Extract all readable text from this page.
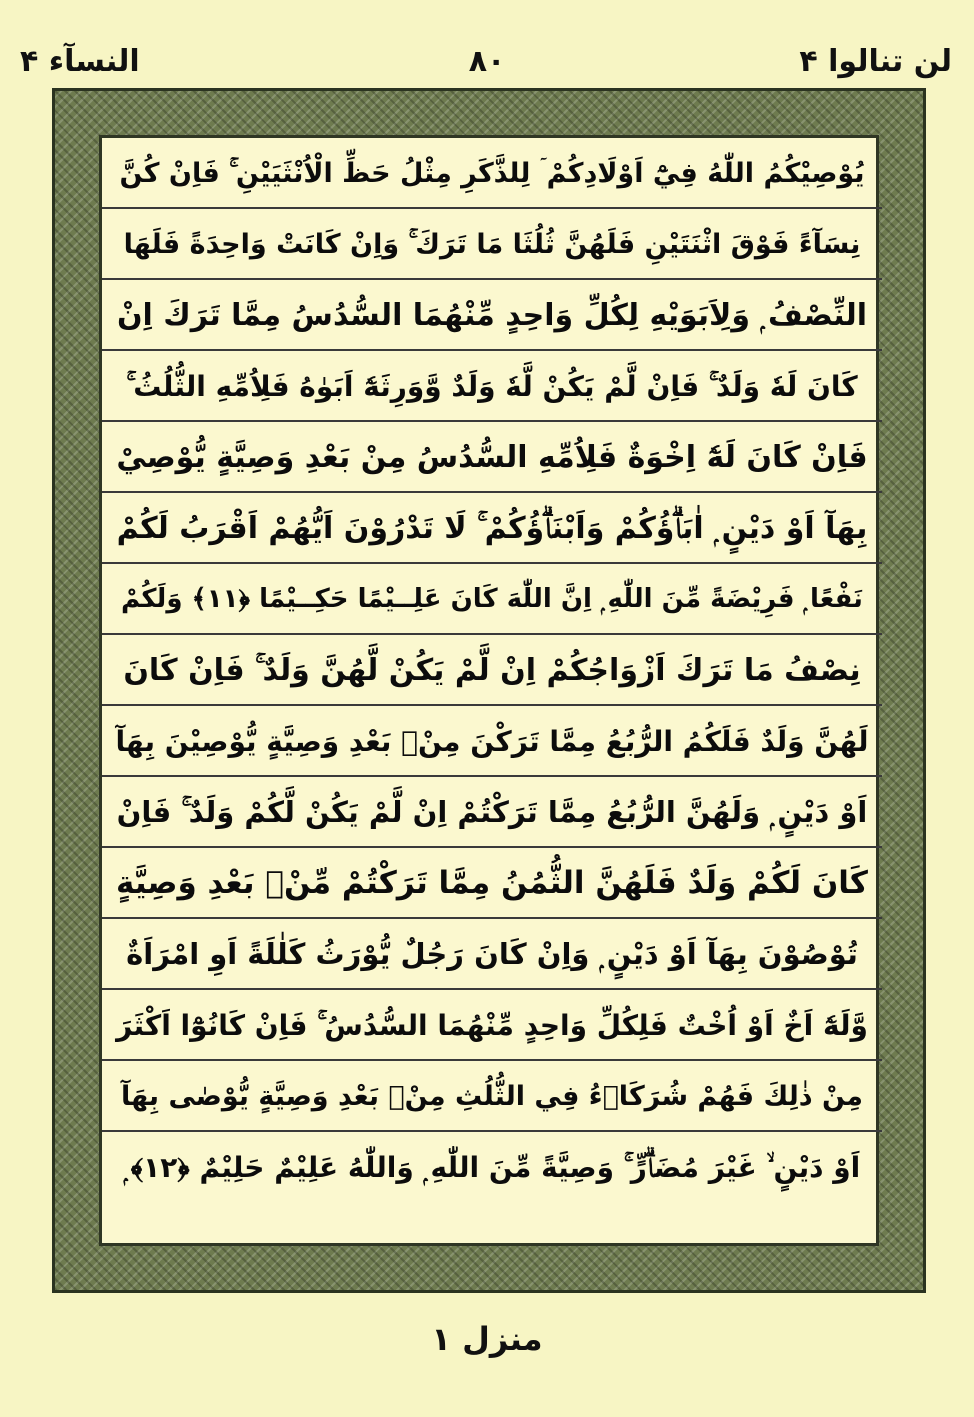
النسآء ۴	۸۰	لن تنالوا ۴
يُوْصِيْكُمُ اللّٰهُ فِيْٓ اَوْلَادِكُمْ ۤ لِلذَّكَرِ مِثْلُ حَظِّ الْاُنْثَيَيْنِ ۚ فَاِنْ كُنَّ
نِسَآءً فَوْقَ اثْنَتَيْنِ فَلَهُنَّ ثُلُثَا مَا تَرَكَ ۚ وَاِنْ كَانَتْ وَاحِدَةً فَلَهَا
النِّصْفُ ۭ وَلِاَبَوَيْهِ لِكُلِّ وَاحِدٍ مِّنْهُمَا السُّدُسُ مِمَّا تَرَكَ اِنْ
كَانَ لَهٗ وَلَدٌ ۚ فَاِنْ لَّمْ يَكُنْ لَّهٗ وَلَدٌ وَّوَرِثَهٗٓ اَبَوٰهُ فَلِاُمِّهِ الثُّلُثُ ۚ
فَاِنْ كَانَ لَهٗٓ اِخْوَةٌ فَلِاُمِّهِ السُّدُسُ مِنْ بَعْدِ وَصِيَّةٍ يُّوْصِيْ
بِهَآ اَوْ دَيْنٍ ۭ اٰبَاۗؤُكُمْ وَاَبْنَاۗؤُكُمْ ۚ لَا تَدْرُوْنَ اَيُّھُمْ اَقْرَبُ لَكُمْ
نَفْعًا ۭ فَرِيْضَةً مِّنَ اللّٰهِ ۭ اِنَّ اللّٰهَ كَانَ عَلِــيْمًا حَكِــيْمًا ﴿١١﴾ وَلَكُمْ
نِصْفُ مَا تَرَكَ اَزْوَاجُكُمْ اِنْ لَّمْ يَكُنْ لَّهُنَّ وَلَدٌ ۚ فَاِنْ كَانَ
لَهُنَّ وَلَدٌ فَلَكُمُ الرُّبُعُ مِمَّا تَرَكْنَ مِنْۢ بَعْدِ وَصِيَّةٍ يُّوْصِيْنَ بِهَآ
اَوْ دَيْنٍ ۭ وَلَهُنَّ الرُّبُعُ مِمَّا تَرَكْتُمْ اِنْ لَّمْ يَكُنْ لَّكُمْ وَلَدٌ ۚ فَاِنْ
كَانَ لَكُمْ وَلَدٌ فَلَهُنَّ الثُّمُنُ مِمَّا تَرَكْتُمْ مِّنْۢ بَعْدِ وَصِيَّةٍ
تُوْصُوْنَ بِهَآ اَوْ دَيْنٍ ۭ وَاِنْ كَانَ رَجُلٌ يُّوْرَثُ كَلٰلَةً اَوِ امْرَاَةٌ
وَّلَهٗٓ اَخٌ اَوْ اُخْتٌ فَلِكُلِّ وَاحِدٍ مِّنْهُمَا السُّدُسُ ۚ فَاِنْ كَانُوْٓا اَكْثَرَ
مِنْ ذٰلِكَ فَھُمْ شُرَكَاۗءُ فِي الثُّلُثِ مِنْۢ بَعْدِ وَصِيَّةٍ يُّوْصٰى بِهَآ
اَوْ دَيْنٍ ۙ غَيْرَ مُضَاۗرٍّ ۚ وَصِيَّةً مِّنَ اللّٰهِ ۭ وَاللّٰهُ عَلِيْمٌ حَلِيْمٌ ﴿١٢﴾ ۭ
منزل ۱
